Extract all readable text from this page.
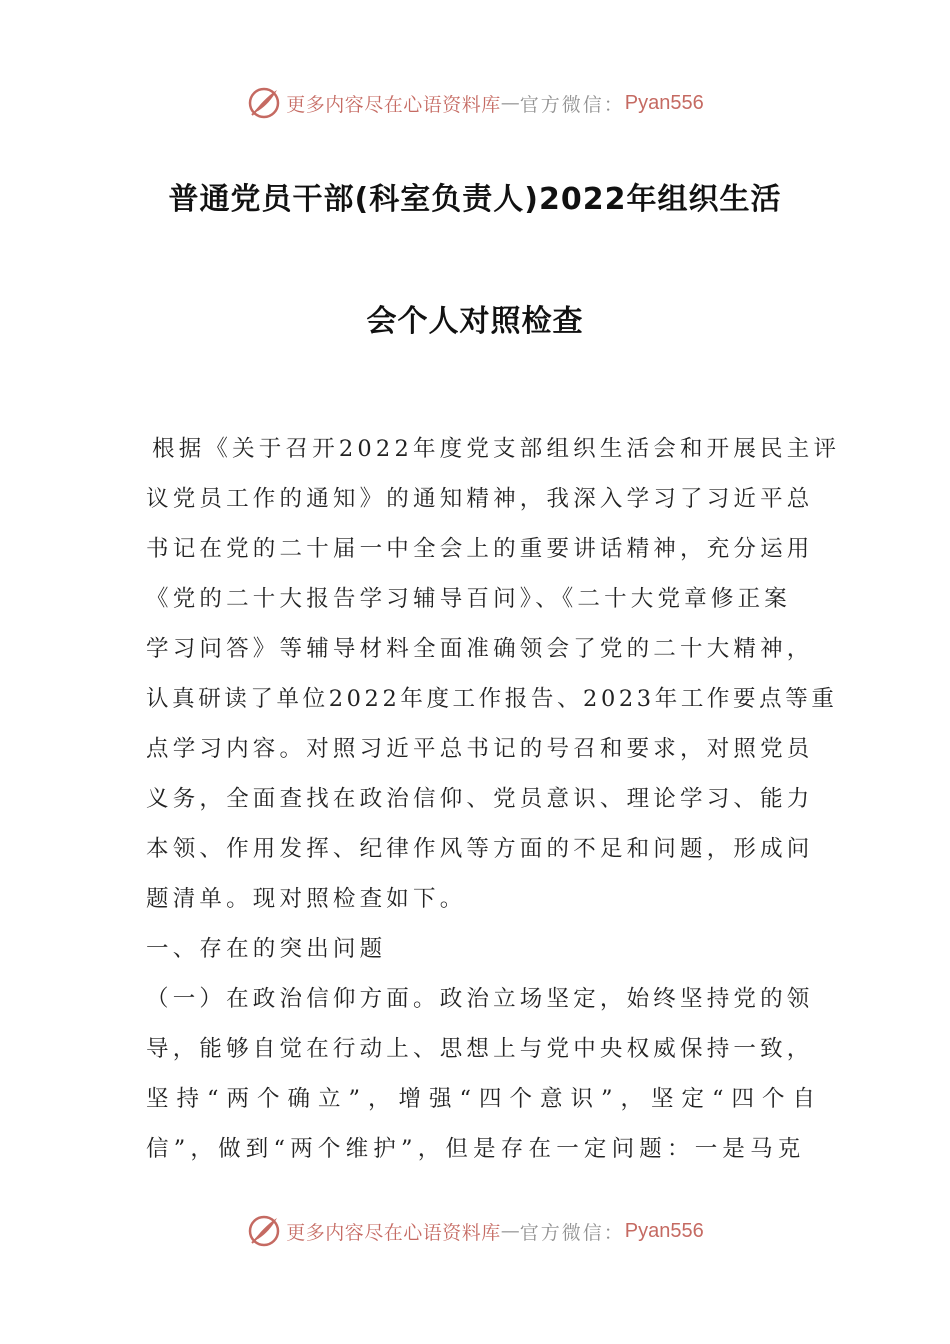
更多内容尽在心语资料库 — 官方微信： Pyan556
普通党员干部(科室负责人)2022年组织生活
会个人对照检查
根据《关于召开2022年度党支部组织生活会和开展民主评
议党员工作的通知》的通知精神，我深入学习了习近平总
书记在党的二十届一中全会上的重要讲话精神，充分运用
《党的二十大报告学习辅导百问》、《二十大党章修正案
学习问答》等辅导材料全面准确领会了党的二十大精神，
认真研读了单位2022年度工作报告、2023年工作要点等重
点学习内容。对照习近平总书记的号召和要求，对照党员
义务，全面查找在政治信仰、党员意识、理论学习、能力
本领、作用发挥、纪律作风等方面的不足和问题，形成问
题清单。现对照检查如下。
一、存在的突出问题
（一）在政治信仰方面。政治立场坚定，始终坚持党的领
导，能够自觉在行动上、思想上与党中央权威保持一致，
坚持“两个确立”，增强“四个意识”，坚定“四个自
信”，做到“两个维护”，但是存在一定问题：一是马克
更多内容尽在心语资料库 — 官方微信： Pyan556
